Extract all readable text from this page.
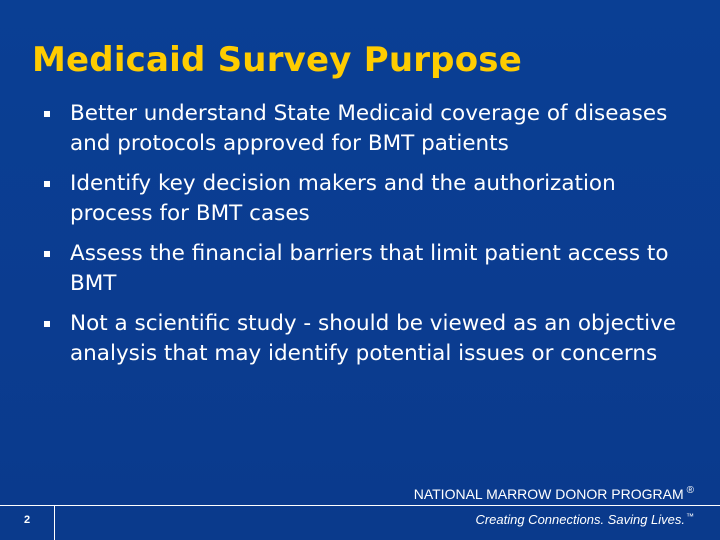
Medicaid Survey Purpose
Better understand State Medicaid coverage of diseases and protocols approved for BMT patients
Identify key decision makers and the authorization process for BMT cases
Assess the financial barriers that limit patient access to BMT
Not a scientific study - should be viewed as an objective analysis that may identify potential issues or concerns
NATIONAL MARROW DONOR PROGRAM ®
2	Creating Connections. Saving Lives.™
